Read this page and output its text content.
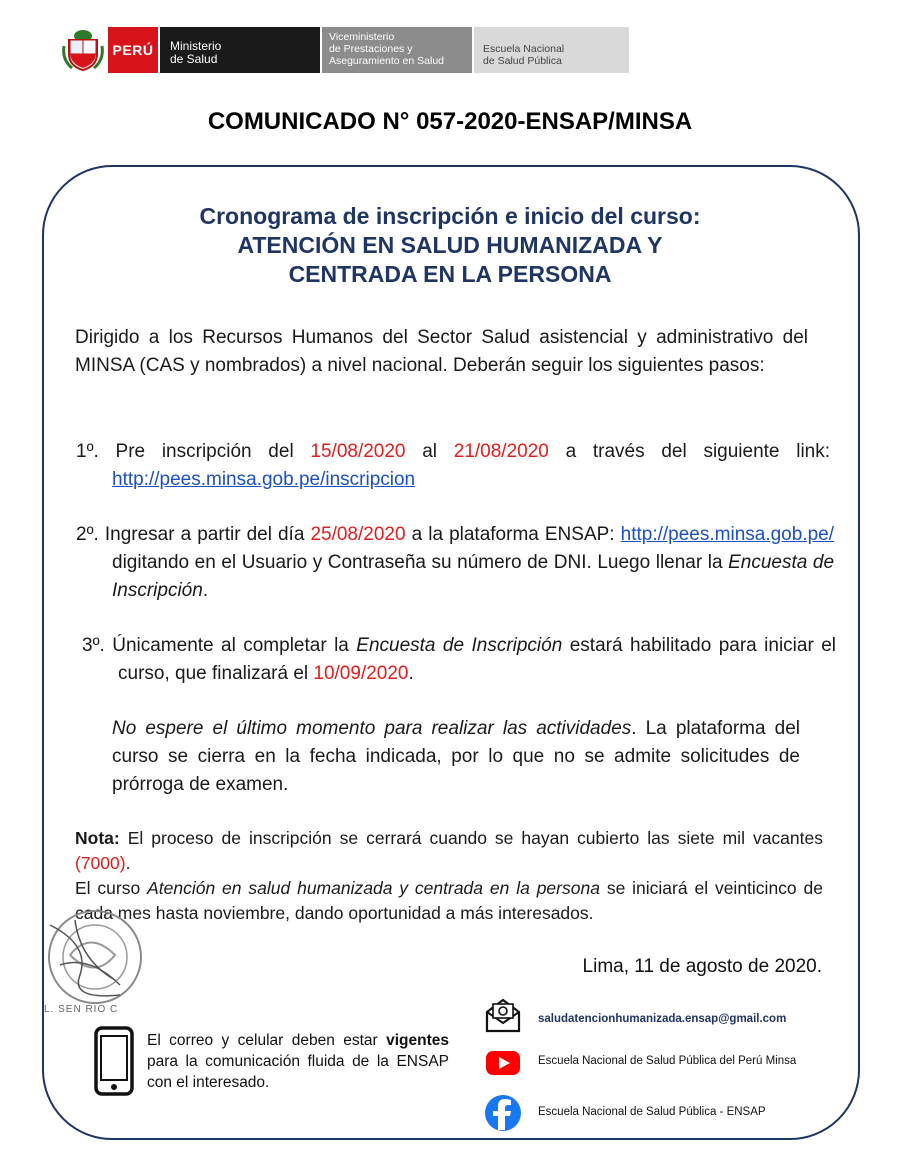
PERÚ	Ministerio
de Salud
Viceministerio
de Prestaciones y
Aseguramiento en Salud
Escuela Nacional
de Salud Pública
COMUNICADO N° 057-2020-ENSAP/MINSA
Cronograma de inscripción e inicio del curso:
ATENCIÓN EN SALUD HUMANIZADA Y
CENTRADA EN LA PERSONA
Dirigido a los Recursos Humanos del Sector Salud asistencial y administrativo del MINSA (CAS y nombrados) a nivel nacional. Deberán seguir los siguientes pasos:
1º. Pre inscripción del 15/08/2020 al 21/08/2020 a través del siguiente link: http://pees.minsa.gob.pe/inscripcion
2º. Ingresar a partir del día 25/08/2020 a la plataforma ENSAP: http://pees.minsa.gob.pe/ digitando en el Usuario y Contraseña su número de DNI. Luego llenar la Encuesta de Inscripción.
3º. Únicamente al completar la Encuesta de Inscripción estará habilitado para iniciar el curso, que finalizará el 10/09/2020.
No espere el último momento para realizar las actividades. La plataforma del curso se cierra en la fecha indicada, por lo que no se admite solicitudes de prórroga de examen.
Nota: El proceso de inscripción se cerrará cuando se hayan cubierto las siete mil vacantes (7000).
El curso Atención en salud humanizada y centrada en la persona se iniciará el veinticinco de cada mes hasta noviembre, dando oportunidad a más interesados.
L. SEN RIO C
Lima, 11 de agosto de 2020.
El correo y celular deben estar vigentes para la comunicación fluida de la ENSAP con el interesado.
saludatencionhumanizada.ensap@gmail.com
Escuela Nacional de Salud Pública del Perú Minsa
Escuela Nacional de Salud Pública - ENSAP
